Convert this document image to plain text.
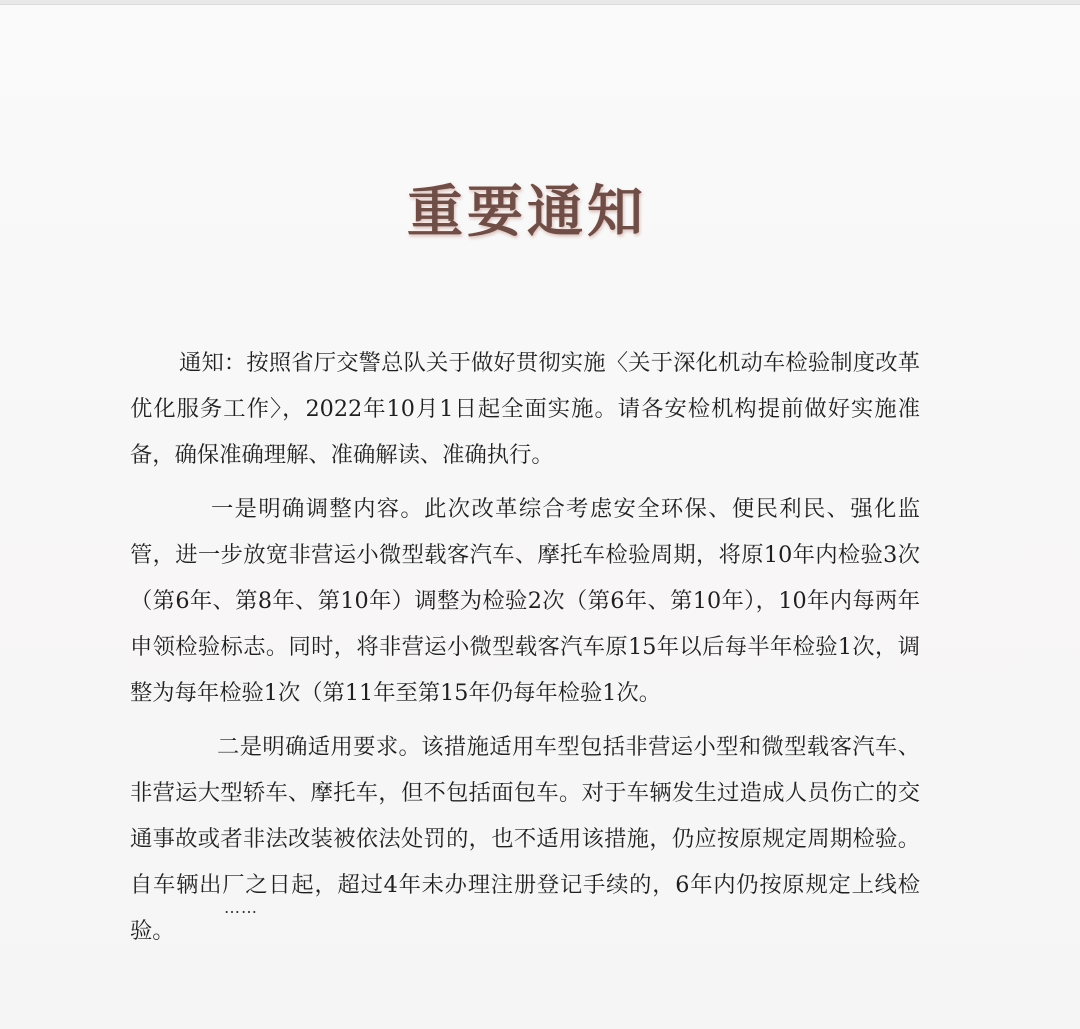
重要通知

通知：按照省厅交警总队关于做好贯彻实施〈关于深化机动车检验制度改革优化服务工作〉，2022年10月1日起全面实施。请各安检机构提前做好实施准备，确保准确理解、准确解读、准确执行。

一是明确调整内容。此次改革综合考虑安全环保、便民利民、强化监管，进一步放宽非营运小微型载客汽车、摩托车检验周期，将原10年内检验3次（第6年、第8年、第10年）调整为检验2次（第6年、第10年），10年内每两年申领检验标志。同时，将非营运小微型载客汽车原15年以后每半年检验1次，调整为每年检验1次（第11年至第15年仍每年检验1次。

二是明确适用要求。该措施适用车型包括非营运小型和微型载客汽车、非营运大型轿车、摩托车，但不包括面包车。对于车辆发生过造成人员伤亡的交通事故或者非法改装被依法处罚的，也不适用该措施，仍应按原规定周期检验。自车辆出厂之日起，超过4年未办理注册登记手续的，6年内仍按原规定上线检验。

……
